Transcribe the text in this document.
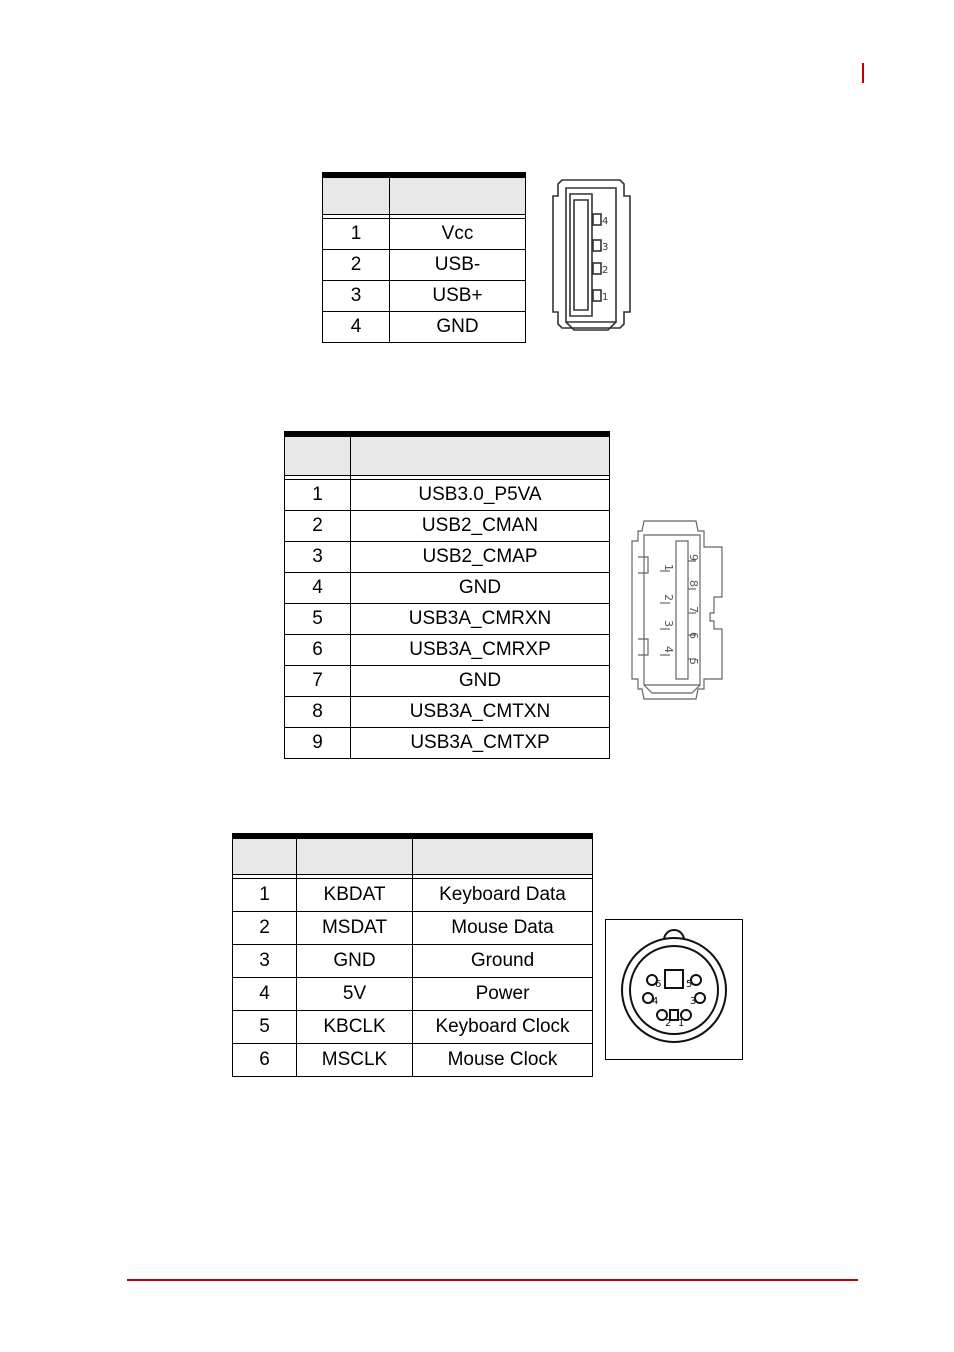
1	Vcc
2	USB-
3	USB+
4	GND
4
3
2
1

1	USB3.0_P5VA
2	USB2_CMAN
3	USB2_CMAP
4	GND
5	USB3A_CMRXN
6	USB3A_CMRXP
7	GND
8	USB3A_CMTXN
9	USB3A_CMTXP
1
2
3
4
9
8
7
6
5

1	KBDAT	Keyboard Data
2	MSDAT	Mouse Data
3	GND	Ground
4	5V	Power
5	KBCLK	Keyboard Clock
6	MSCLK	Mouse Clock
6 5
4	3
2 1
